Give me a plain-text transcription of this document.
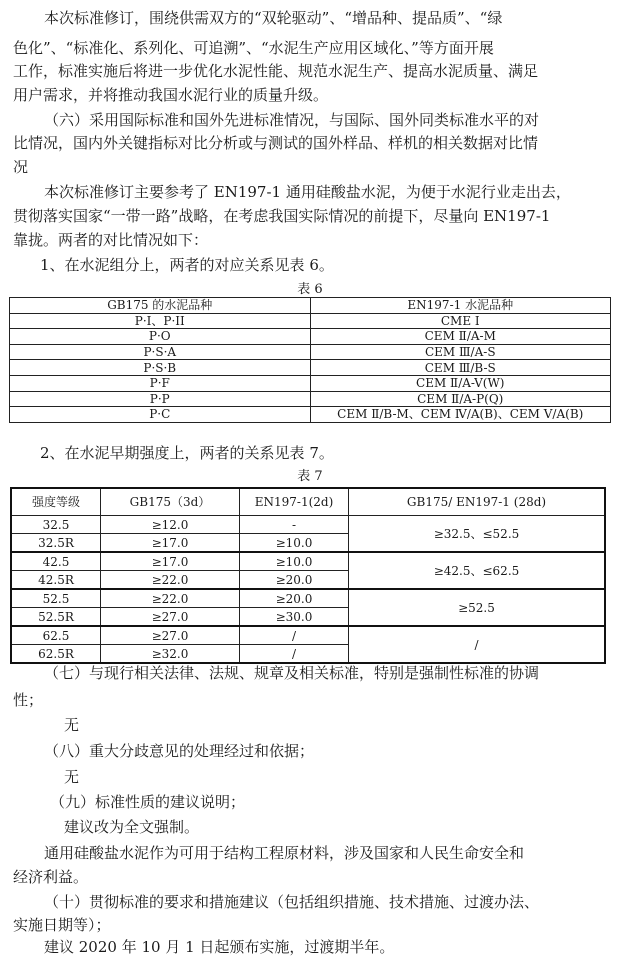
本次标准修订，围绕供需双方的“双轮驱动”、“增品种、提品质”、“绿
色化”、“标准化、系列化、可追溯”、“水泥生产应用区域化、”等方面开展
工作，标准实施后将进一步优化水泥性能、规范水泥生产、提高水泥质量、满足
用户需求，并将推动我国水泥行业的质量升级。
（六）采用国际标准和国外先进标准情况，与国际、国外同类标准水平的对
比情况，国内外关键指标对比分析或与测试的国外样品、样机的相关数据对比情
况
本次标准修订主要参考了 EN197-1 通用硅酸盐水泥，为便于水泥行业走出去，
贯彻落实国家“一带一路”战略，在考虑我国实际情况的前提下，尽量向 EN197-1
靠拢。两者的对比情况如下：
1、在水泥组分上，两者的对应关系见表 6。
表 6
GB175 的水泥品种	EN197-1 水泥品种
P·I、P·II	CME Ⅰ
P·O	CEM Ⅱ/A-M
P·S·A	CEM Ⅲ/A-S
P·S·B	CEM Ⅲ/B-S
P·F	CEM Ⅱ/A-V(W)
P·P	CEM Ⅱ/A-P(Q)
P·C	CEM Ⅱ/B-M、CEM Ⅳ/A(B)、CEM Ⅴ/A(B)
2、在水泥早期强度上，两者的关系见表 7。
表 7
强度等级	GB175（3d）	EN197-1(2d)	GB175/ EN197-1 (28d)
32.5	≥12.0	-	≥32.5、≤52.5
32.5R	≥17.0	≥10.0	
42.5	≥17.0	≥10.0	≥42.5、≤62.5
42.5R	≥22.0	≥20.0	
52.5	≥22.0	≥20.0	≥52.5
52.5R	≥27.0	≥30.0	
62.5	≥27.0	/	/
62.5R	≥32.0	/	
（七）与现行相关法律、法规、规章及相关标准，特别是强制性标准的协调
性；
无
（八）重大分歧意见的处理经过和依据；
无
（九）标准性质的建议说明；
建议改为全文强制。
通用硅酸盐水泥作为可用于结构工程原材料，涉及国家和人民生命安全和
经济利益。
（十）贯彻标准的要求和措施建议（包括组织措施、技术措施、过渡办法、
实施日期等）；
建议 2020 年 10 月 1 日起颁布实施，过渡期半年。
